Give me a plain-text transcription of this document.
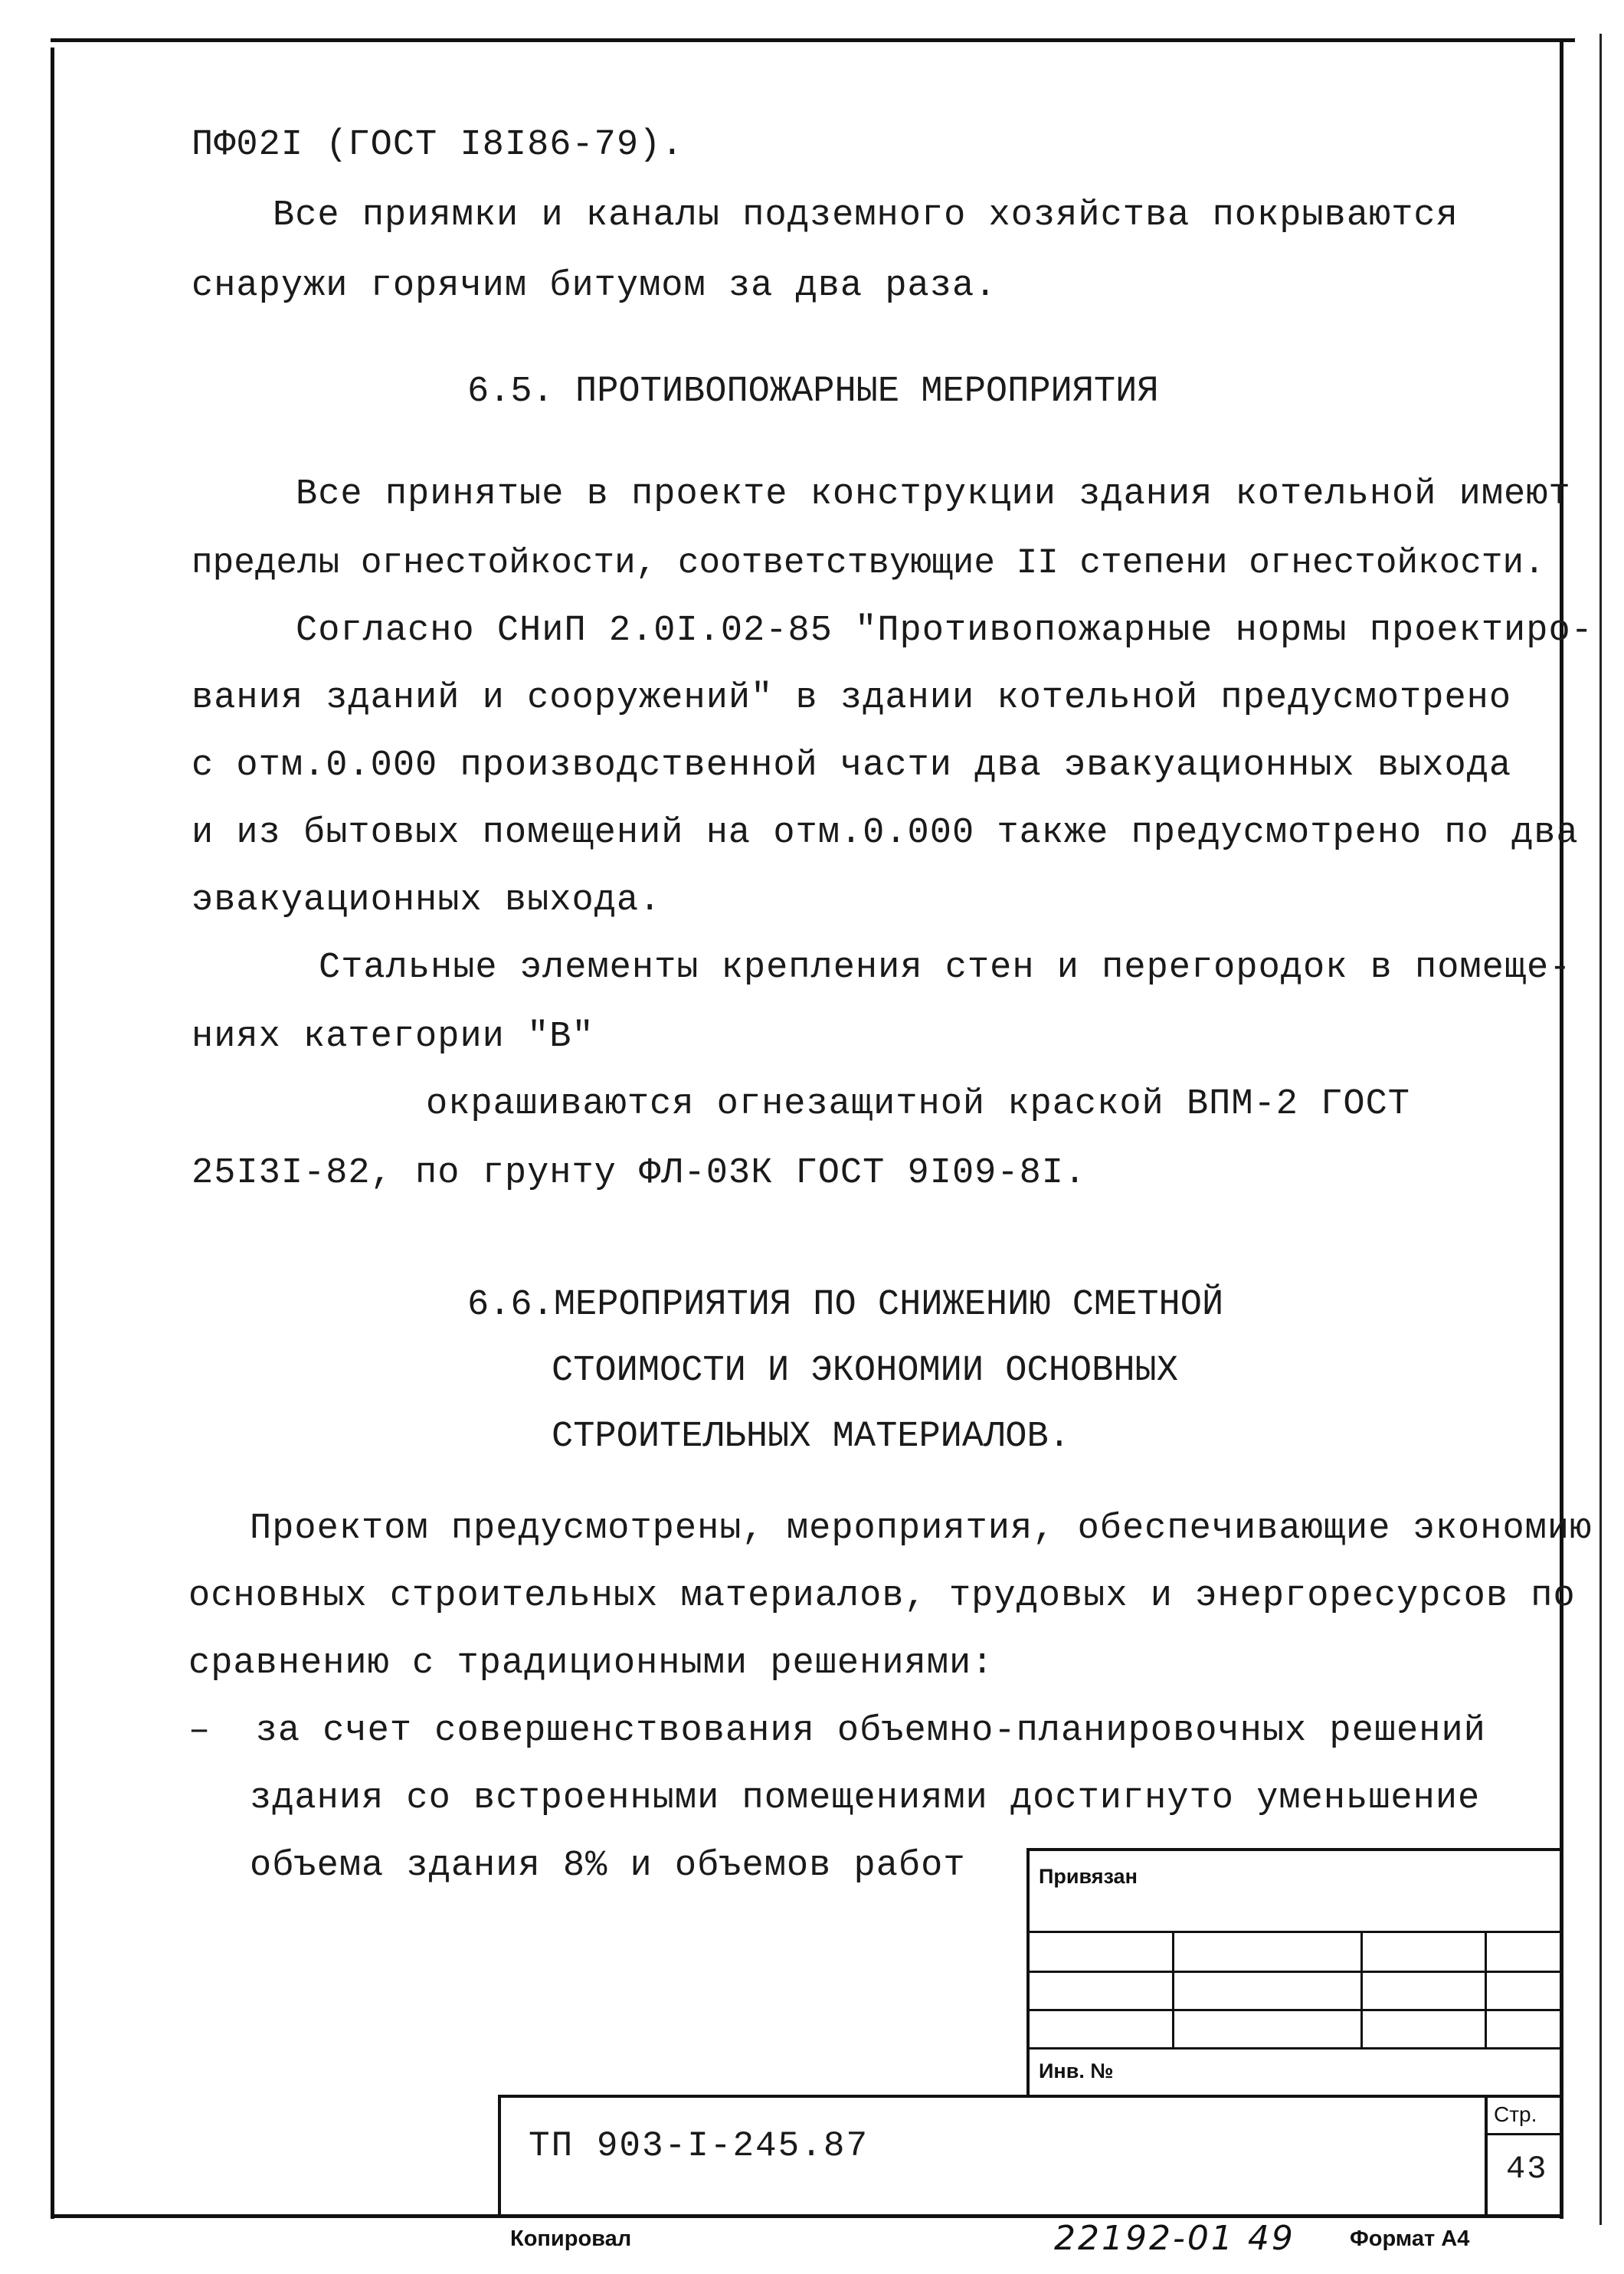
ПФ02I (ГОСТ I8I86-79).
Все приямки и каналы подземного хозяйства покрываются
снаружи горячим битумом за два раза.
6.5. ПРОТИВОПОЖАРНЫЕ МЕРОПРИЯТИЯ
Все принятые в проекте конструкции здания котельной имеют
пределы огнестойкости, соответствующие II степени огнестойкости.
Согласно СНиП 2.0I.02-85 "Противопожарные нормы проектиро-
вания зданий и сооружений" в здании котельной предусмотрено
с отм.0.000 производственной части два эвакуационных выхода
и из бытовых помещений на отм.0.000 также предусмотрено по два
эвакуационных выхода.
Стальные элементы крепления стен и перегородок в помеще-
ниях категории "В"
окрашиваются огнезащитной краской ВПМ-2 ГОСТ
25I3I-82, по грунту ФЛ-03К ГОСТ 9I09-8I.
6.6.МЕРОПРИЯТИЯ ПО СНИЖЕНИЮ СМЕТНОЙ
СТОИМОСТИ И ЭКОНОМИИ ОСНОВНЫХ
СТРОИТЕЛЬНЫХ МАТЕРИАЛОВ.
Проектом предусмотрены, мероприятия, обеспечивающие экономию
основных строительных материалов, трудовых и энергоресурсов по
сравнению с традиционными решениями:
–  за счет совершенствования объемно-планировочных решений
здания со встроенными помещениями достигнуто уменьшение
объема здания 8% и объемов работ	Привязан
Инв. №
ТП 903-I-245.87
Стр.
43
Копировал	22192-01 49 Формат А4
